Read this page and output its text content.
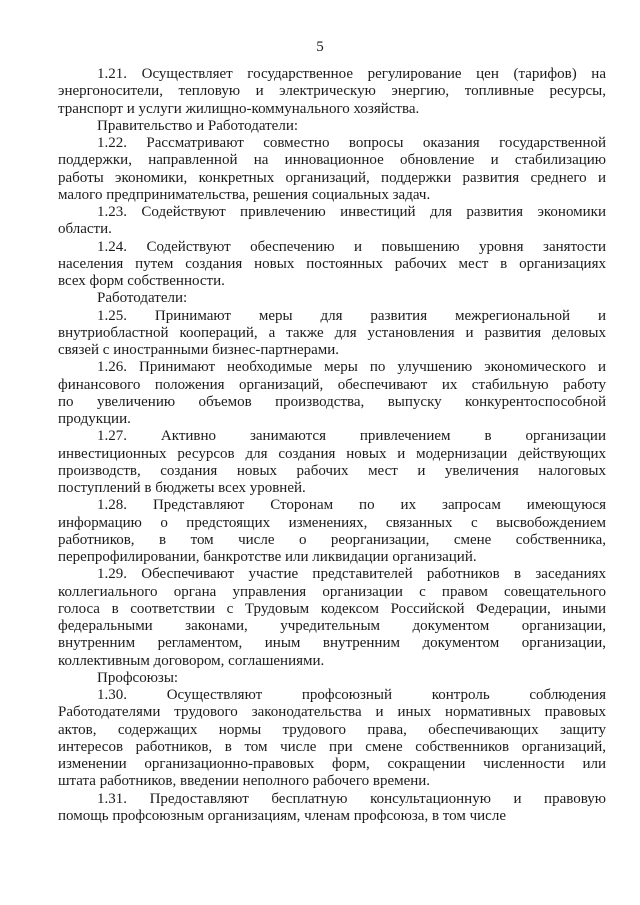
5

1.21. Осуществляет государственное регулирование цен (тарифов) на
энергоносители, тепловую и электрическую энергию, топливные ресурсы,
транспорт и услуги жилищно-коммунального хозяйства.

Правительство и Работодатели:

1.22. Рассматривают совместно вопросы оказания государственной
поддержки, направленной на инновационное обновление и стабилизацию
работы экономики, конкретных организаций, поддержки развития среднего и
малого предпринимательства, решения социальных задач.

1.23. Содействуют привлечению инвестиций для развития экономики
области.

1.24. Содействуют обеспечению и повышению уровня занятости
населения путем создания новых постоянных рабочих мест в организациях
всех форм собственности.

Работодатели:

1.25. Принимают меры для развития межрегиональной и
внутриобластной коопераций, а также для установления и развития деловых
связей с иностранными бизнес-партнерами.

1.26. Принимают необходимые меры по улучшению экономического и
финансового положения организаций, обеспечивают их стабильную работу
по увеличению объемов производства, выпуску конкурентоспособной
продукции.

1.27. Активно занимаются привлечением в организации
инвестиционных ресурсов для создания новых и модернизации действующих
производств, создания новых рабочих мест и увеличения налоговых
поступлений в бюджеты всех уровней.

1.28. Представляют Сторонам по их запросам имеющуюся
информацию о предстоящих изменениях, связанных с высвобождением
работников, в том числе о реорганизации, смене собственника,
перепрофилировании, банкротстве или ликвидации организаций.

1.29. Обеспечивают участие представителей работников в заседаниях
коллегиального органа управления организации с правом совещательного
голоса в соответствии с Трудовым кодексом Российской Федерации, иными
федеральными законами, учредительным документом организации,
внутренним регламентом, иным внутренним документом организации,
коллективным договором, соглашениями.

Профсоюзы:

1.30. Осуществляют профсоюзный контроль соблюдения
Работодателями трудового законодательства и иных нормативных правовых
актов, содержащих нормы трудового права, обеспечивающих защиту
интересов работников, в том числе при смене собственников организаций,
изменении организационно-правовых форм, сокращении численности или
штата работников, введении неполного рабочего времени.

1.31. Предоставляют бесплатную консультационную и правовую
помощь профсоюзным организациям, членам профсоюза, в том числе
